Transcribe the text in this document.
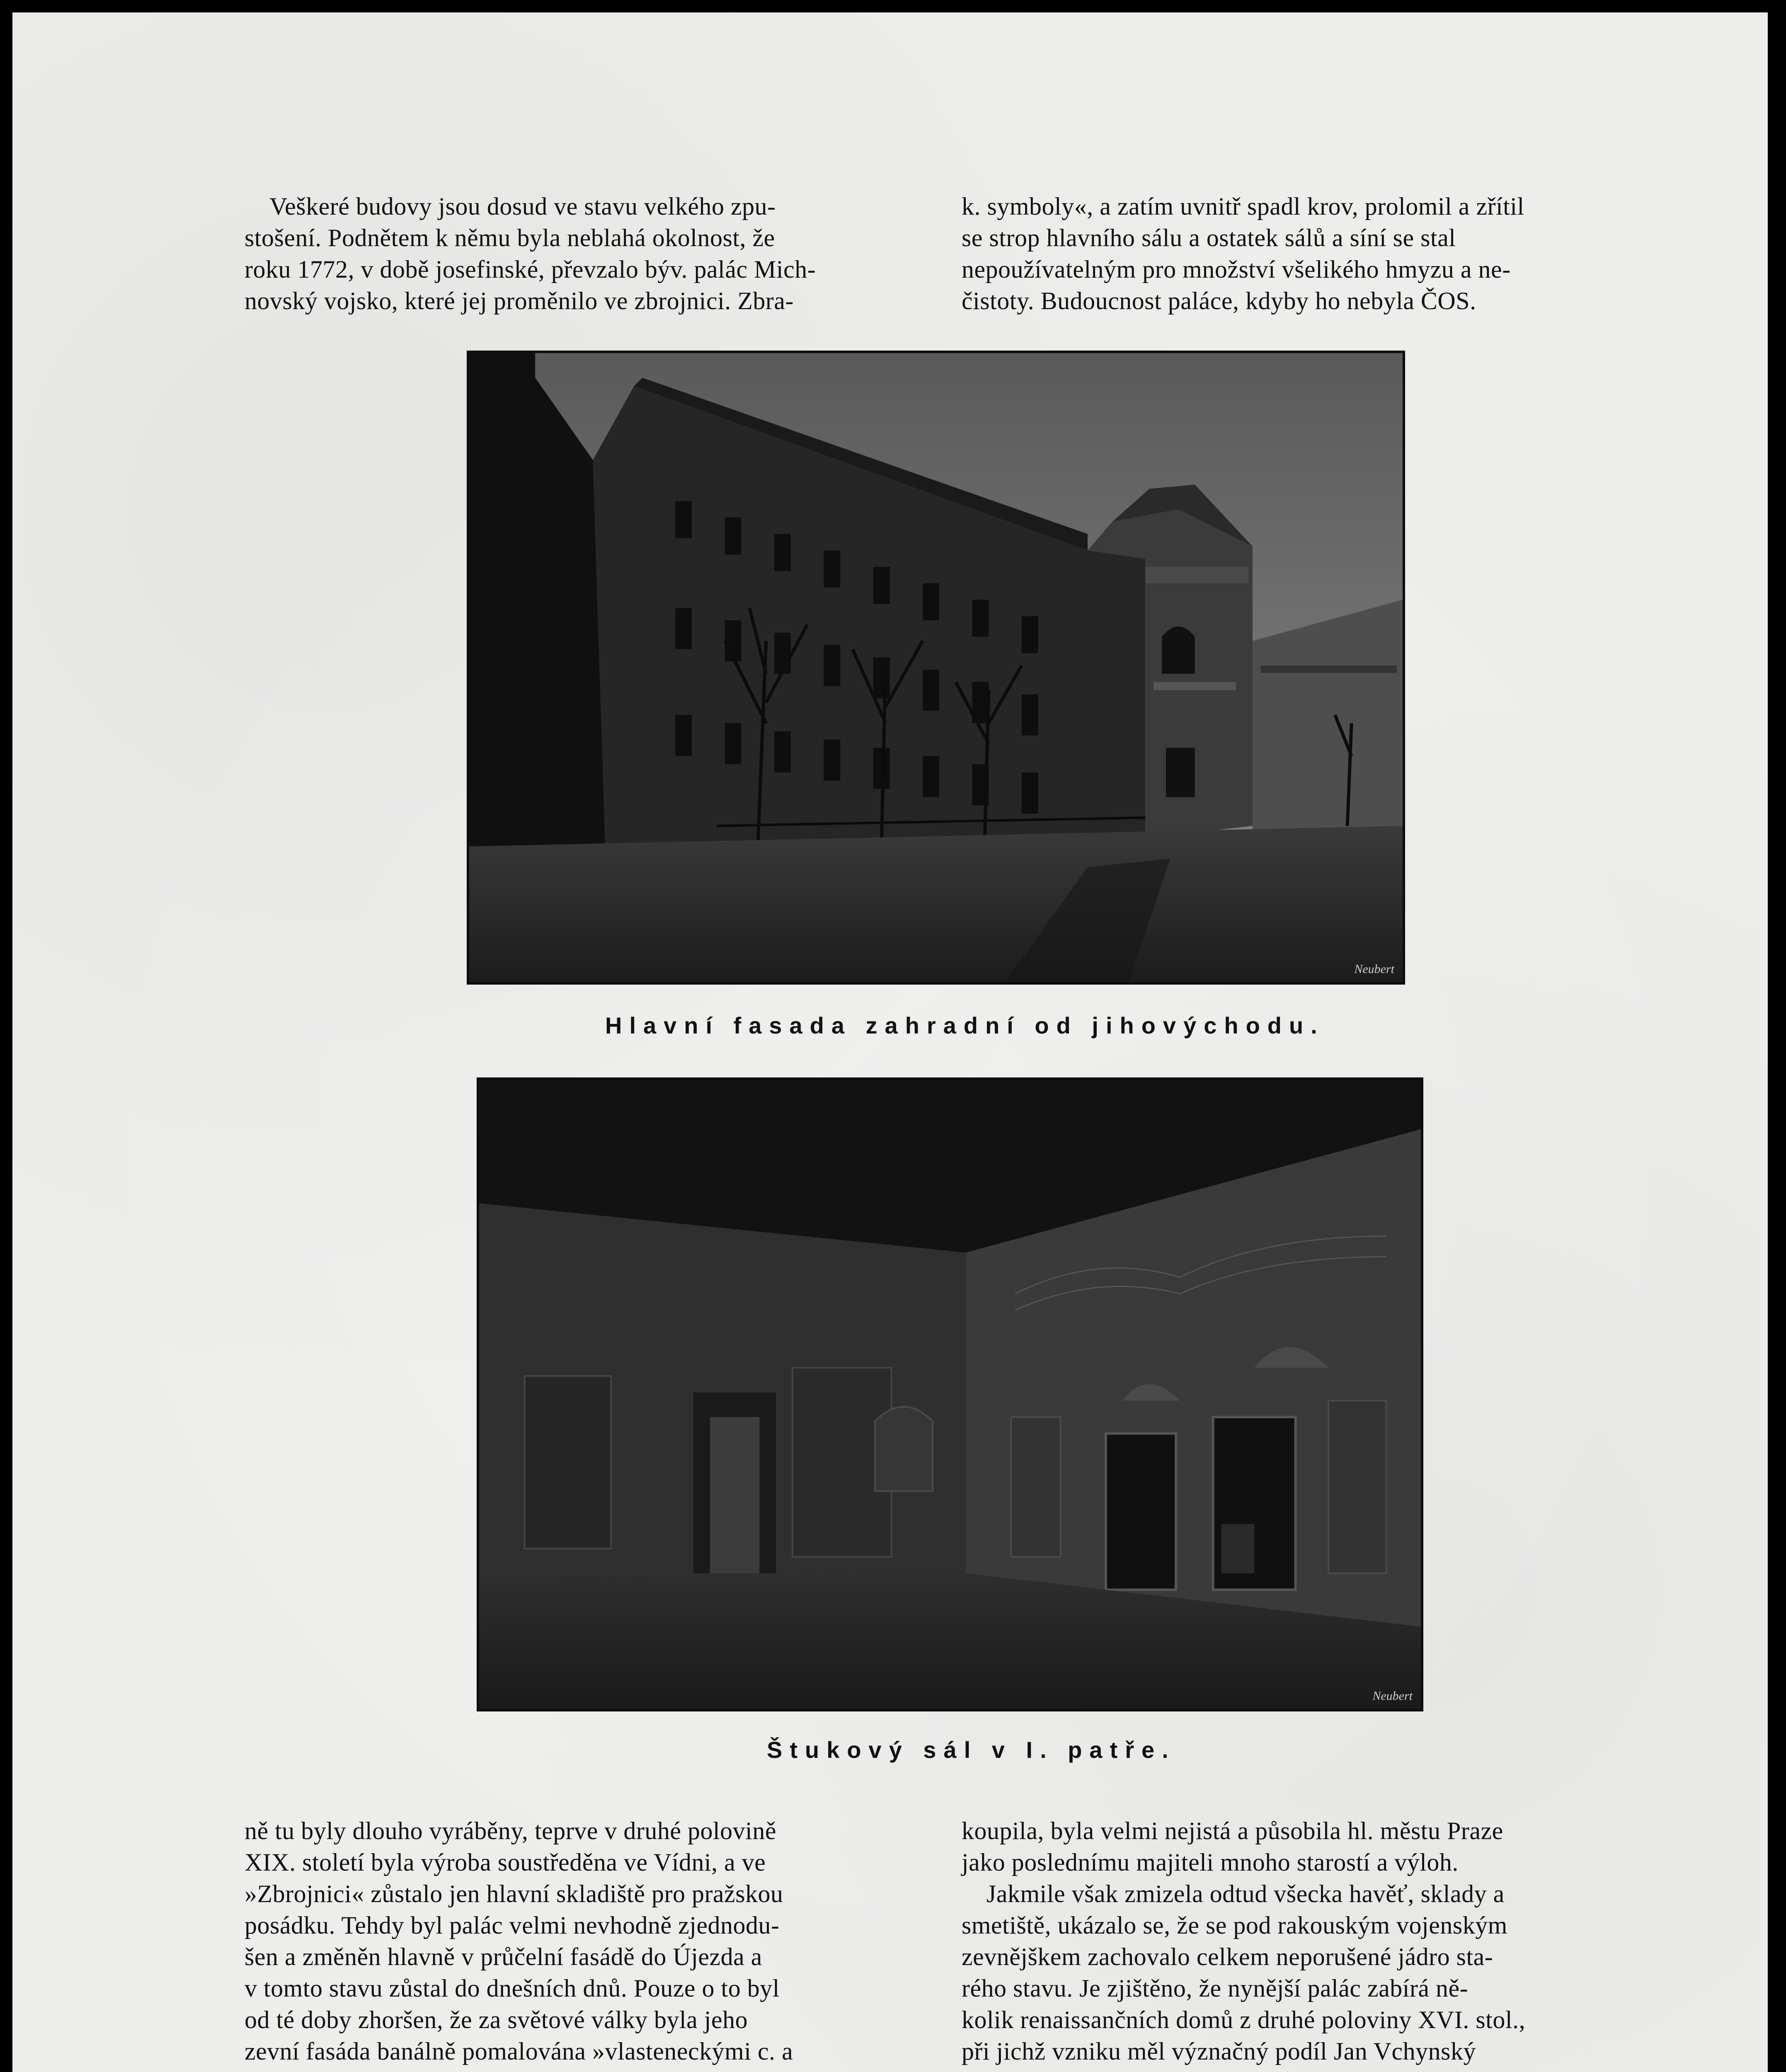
Veškeré budovy jsou dosud ve stavu velkého zpu-
stošení. Podnětem k němu byla neblahá okolnost, že
roku 1772, v době josefinské, převzalo býv. palác Mich-
novský vojsko, které jej proměnilo ve zbrojnici. Zbra-
k. symboly«, a zatím uvnitř spadl krov, prolomil a zřítil
se strop hlavního sálu a ostatek sálů a síní se stal
nepoužívatelným pro množství všelikého hmyzu a ne-
čistoty. Budoucnost paláce, kdyby ho nebyla ČOS.
Neubert
Hlavní fasada zahradní od jihovýchodu.
Neubert
Štukový sál v I. patře.
ně tu byly dlouho vyráběny, teprve v druhé polovině
XIX. století byla výroba soustředěna ve Vídni, a ve
»Zbrojnici« zůstalo jen hlavní skladiště pro pražskou
posádku. Tehdy byl palác velmi nevhodně zjednodu-
šen a změněn hlavně v průčelní fasádě do Újezda a
v tomto stavu zůstal do dnešních dnů. Pouze o to byl
od té doby zhoršen, že za světové války byla jeho
zevní fasáda banálně pomalována »vlasteneckými c. a
koupila, byla velmi nejistá a působila hl. městu Praze
jako poslednímu majiteli mnoho starostí a výloh.
Jakmile však zmizela odtud všecka havěť, sklady a
smetiště, ukázalo se, že se pod rakouským vojenským
zevnějškem zachovalo celkem neporušené jádro sta-
rého stavu. Je zjištěno, že nynější palác zabírá ně-
kolik renaissančních domů z druhé poloviny XVI. stol.,
při jichž vzniku měl význačný podíl Jan Vchynský
